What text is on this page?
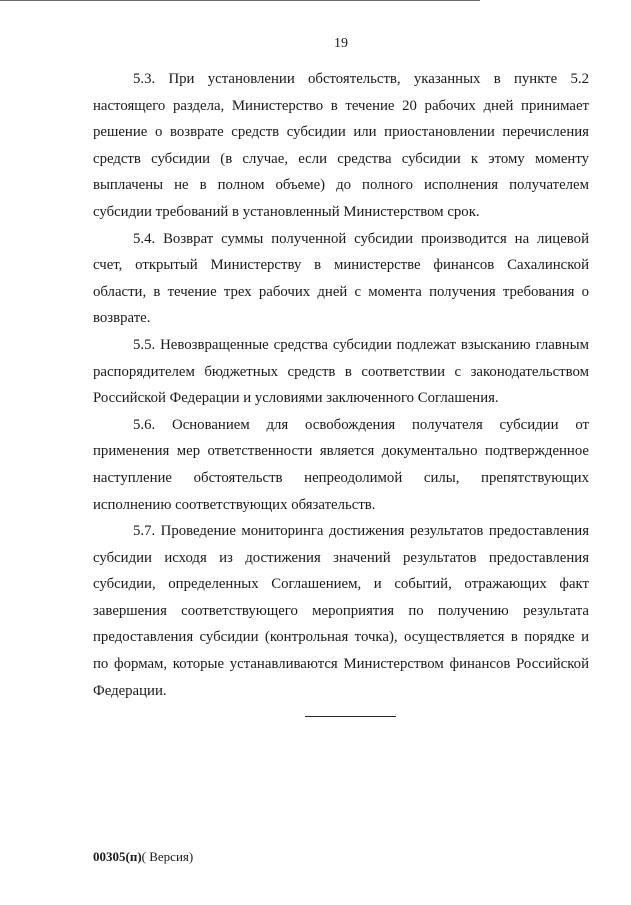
19

5.3. При установлении обстоятельств, указанных в пункте 5.2 настоящего раздела, Министерство в течение 20 рабочих дней принимает решение о возврате средств субсидии или приостановлении перечисления средств субсидии (в случае, если средства субсидии к этому моменту выплачены не в полном объеме) до полного исполнения получателем субсидии требований в установленный Министерством срок.

5.4. Возврат суммы полученной субсидии производится на лицевой счет, открытый Министерству в министерстве финансов Сахалинской области, в течение трех рабочих дней с момента получения требования о возврате.

5.5. Невозвращенные средства субсидии подлежат взысканию главным распорядителем бюджетных средств в соответствии с законодательством Российской Федерации и условиями заключенного Соглашения.

5.6. Основанием для освобождения получателя субсидии от применения мер ответственности является документально подтвержденное наступление обстоятельств непреодолимой силы, препятствующих исполнению соответствующих обязательств.

5.7. Проведение мониторинга достижения результатов предоставления субсидии исходя из достижения значений результатов предоставления субсидии, определенных Соглашением, и событий, отражающих факт завершения соответствующего мероприятия по получению результата предоставления субсидии (контрольная точка), осуществляется в порядке и по формам, которые устанавливаются Министерством финансов Российской Федерации.

00305(п)( Версия)
